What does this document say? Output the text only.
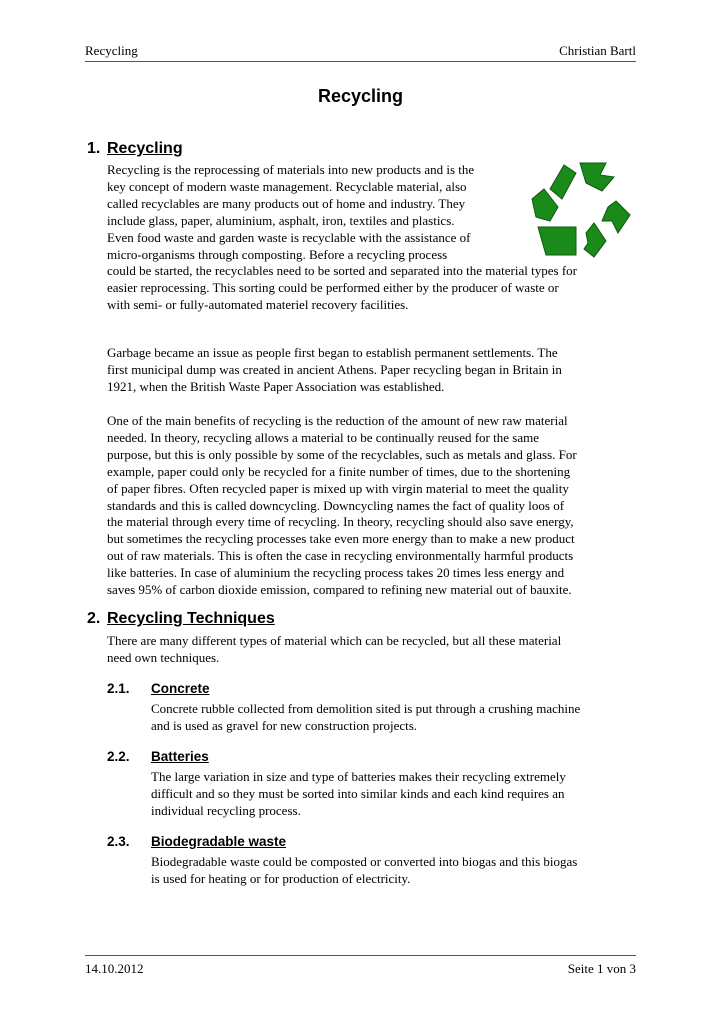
Recycling	Christian Bartl
Recycling
1. Recycling
Recycling is the reprocessing of materials into new products and is the
key concept of modern waste management. Recyclable material, also
called recyclables are many products out of home and industry. They
include glass, paper, aluminium, asphalt, iron, textiles and plastics.
Even food waste and garden waste is recyclable with the assistance of
micro-organisms through composting. Before a recycling process
could be started, the recyclables need to be sorted and separated into the material types for
easier reprocessing. This sorting could be performed either by the producer of waste or
with semi- or fully-automated materiel recovery facilities.
Garbage became an issue as people first began to establish permanent settlements. The
first municipal dump was created in ancient Athens. Paper recycling began in Britain in
1921, when the British Waste Paper Association was established.
One of the main benefits of recycling is the reduction of the amount of new raw material
needed. In theory, recycling allows a material to be continually reused for the same
purpose, but this is only possible by some of the recyclables, such as metals and glass. For
example, paper could only be recycled for a finite number of times, due to the shortening
of paper fibres. Often recycled paper is mixed up with virgin material to meet the quality
standards and this is called downcycling. Downcycling names the fact of quality loos of
the material through every time of recycling. In theory, recycling should also save energy,
but sometimes the recycling processes take even more energy than to make a new product
out of raw materials. This is often the case in recycling environmentally harmful products
like batteries. In case of aluminium the recycling process takes 20 times less energy and
saves 95% of carbon dioxide emission, compared to refining new material out of bauxite.
2. Recycling Techniques
There are many different types of material which can be recycled, but all these material
need own techniques.
2.1. Concrete
Concrete rubble collected from demolition sited is put through a crushing machine
and is used as gravel for new construction projects.
2.2. Batteries
The large variation in size and type of batteries makes their recycling extremely
difficult and so they must be sorted into similar kinds and each kind requires an
individual recycling process.
2.3. Biodegradable waste
Biodegradable waste could be composted or converted into biogas and this biogas
is used for heating or for production of electricity.
14.10.2012	Seite 1 von 3
